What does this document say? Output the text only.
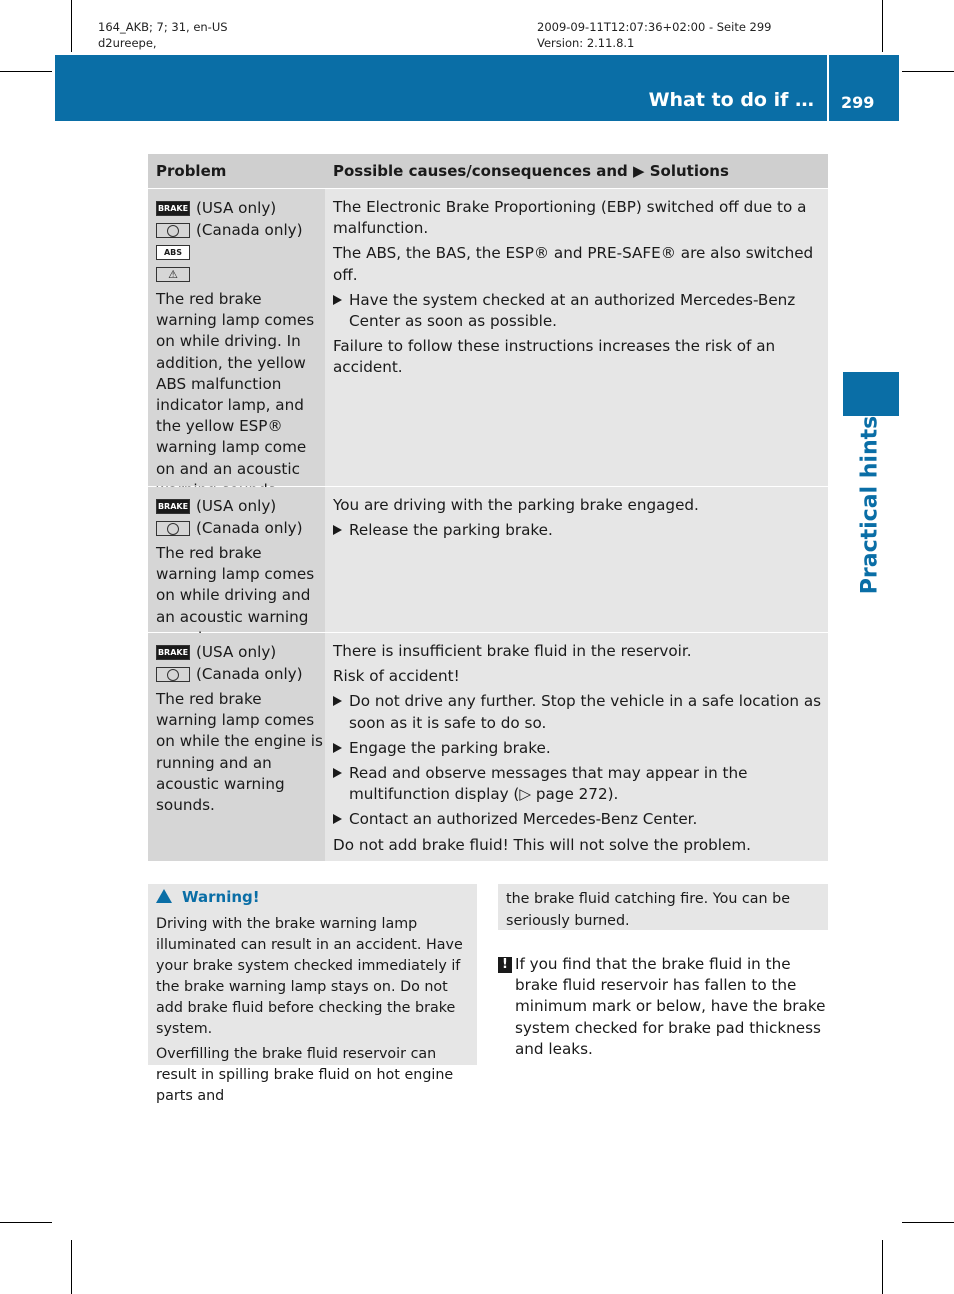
164_AKB; 7; 31, en-US
d2ureepe,
2009-09-11T12:07:36+02:00 - Seite 299
Version: 2.11.8.1
What to do if … 299
Practical hints
Problem	Possible causes/consequences and ▶ Solutions
BRAKE (USA only)
(Canada only)
ABS
⚠
The red brake warning lamp comes on while driving. In addition, the yellow ABS malfunction indicator lamp, and the yellow ESP® warning lamp come on and an acoustic

The Electronic Brake Proportioning (EBP) switched off due to a malfunction.

The ABS, the BAS, the ESP® and PRE-SAFE® are also switched off.

Have the system checked at an authorized Mercedes-Benz Center as soon as possible.

Failure to follow these instructions increases the risk of an accident.

BRAKE (USA only)
(Canada only)
The red brake warning lamp comes on while driving and an acoustic warning

You are driving with the parking brake engaged.

Release the parking brake.
BRAKE (USA only)
(Canada only)
The red brake warning lamp comes on while the engine is running and an acoustic warning sounds.

There is insufficient brake fluid in the reservoir.

Risk of accident!

Do not drive any further. Stop the vehicle in a safe location as soon as it is safe to do so.
Engage the parking brake.
Read and observe messages that may appear in the multifunction display (▷ page 272).
Contact an authorized Mercedes-Benz Center.

Do not add brake fluid! This will not solve the problem.

Warning!
Driving with the brake warning lamp illuminated can result in an accident. Have your brake system checked immediately if the brake warning lamp stays on. Do not add brake fluid before checking the brake system.
Overfilling the brake fluid reservoir can result in spilling brake fluid on hot engine parts and
the brake fluid catching fire. You can be seriously burned.
! If you find that the brake fluid in the brake fluid reservoir has fallen to the minimum mark or below, have the brake system checked for brake pad thickness and leaks.
